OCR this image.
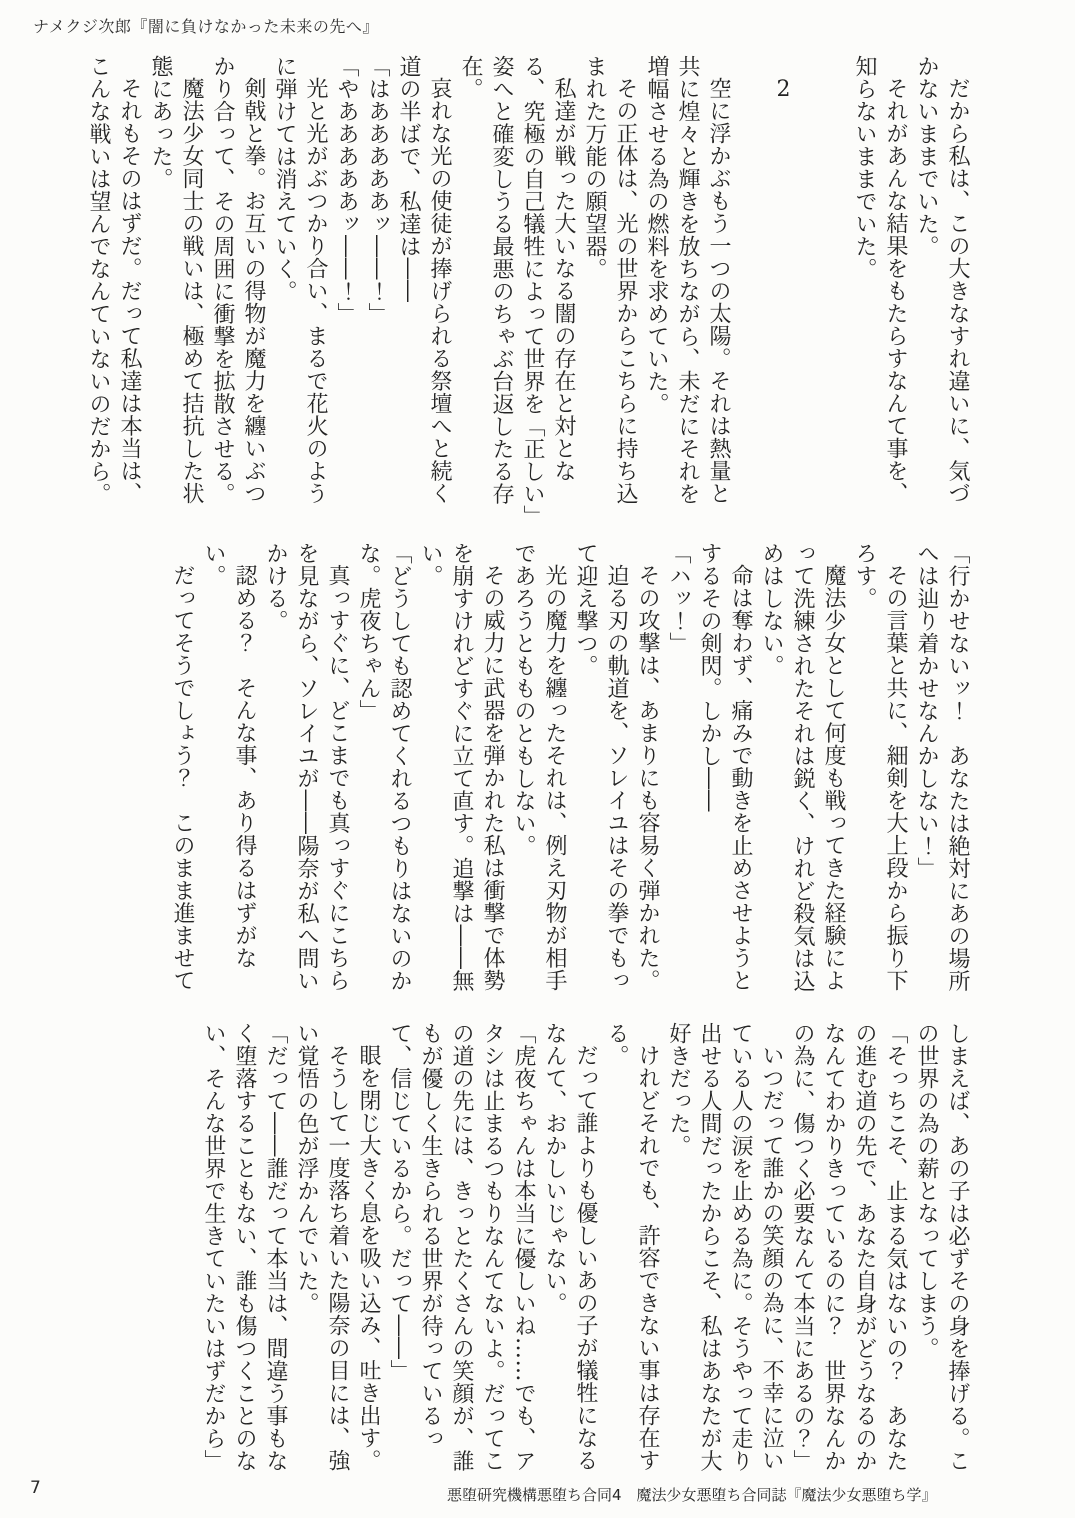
ナメクジ次郎『闇に負けなかった未来の先へ』

だから私は、この大きなすれ違いに、気づかないままでいた。

それがあんな結果をもたらすなんて事を、知らないままでいた。

2

空に浮かぶもう一つの太陽。それは熱量と共に煌々と輝きを放ちながら、未だにそれを増幅させる為の燃料を求めていた。

その正体は、光の世界からこちらに持ち込まれた万能の願望器。

私達が戦った大いなる闇の存在と対となる、究極の自己犠牲によって世界を「正しい」姿へと確変しうる最悪のちゃぶ台返したる存在。

哀れな光の使徒が捧げられる祭壇へと続く道の半ばで、私達は――

「はあああああッ――！」

「やあああああッ――！」

光と光がぶつかり合い、まるで花火のように弾けては消えていく。

剣戟と拳。お互いの得物が魔力を纏いぶつかり合って、その周囲に衝撃を拡散させる。

魔法少女同士の戦いは、極めて拮抗した状態にあった。

それもそのはずだ。だって私達は本当は、こんな戦いは望んでなんていないのだから。

「行かせないッ！　あなたは絶対にあの場所へは辿り着かせなんかしない！」

その言葉と共に、細剣を大上段から振り下ろす。

魔法少女として何度も戦ってきた経験によって洗練されたそれは鋭く、けれど殺気は込めはしない。

命は奪わず、痛みで動きを止めさせようとするその剣閃。しかし――

「ハッ！」

その攻撃は、あまりにも容易く弾かれた。

迫る刃の軌道を、ソレイユはその拳でもって迎え撃つ。

光の魔力を纏ったそれは、例え刃物が相手であろうともものともしない。

その威力に武器を弾かれた私は衝撃で体勢を崩すけれどすぐに立て直す。追撃は――無い。

「どうしても認めてくれるつもりはないのかな。虎夜ちゃん」

真っすぐに、どこまでも真っすぐにこちらを見ながら、ソレイユが――陽奈が私へ問いかける。

認める？　そんな事、あり得るはずがない。

だってそうでしょう？　このまま進ませて

しまえば、あの子は必ずその身を捧げる。この世界の為の薪となってしまう。

「そっちこそ、止まる気はないの？　あなたの進む道の先で、あなた自身がどうなるのかなんてわかりきっているのに？　世界なんかの為に、傷つく必要なんて本当にあるの？」

いつだって誰かの笑顔の為に、不幸に泣いている人の涙を止める為に。そうやって走り出せる人間だったからこそ、私はあなたが大好きだった。

けれどそれでも、許容できない事は存在する。

だって誰よりも優しいあの子が犠牲になるなんて、おかしいじゃない。

「虎夜ちゃんは本当に優しいね……でも、アタシは止まるつもりなんてないよ。だってこの道の先には、きっとたくさんの笑顔が、誰もが優しく生きられる世界が待っているって、信じているから。だって――」

眼を閉じ大きく息を吸い込み、吐き出す。

そうして一度落ち着いた陽奈の目には、強い覚悟の色が浮かんでいた。

「だって――誰だって本当は、間違う事もなく堕落することもない、誰も傷つくことのない、そんな世界で生きていたいはずだから」

7	悪堕研究機構悪堕ち合同4　魔法少女悪堕ち合同誌『魔法少女悪堕ち学』
